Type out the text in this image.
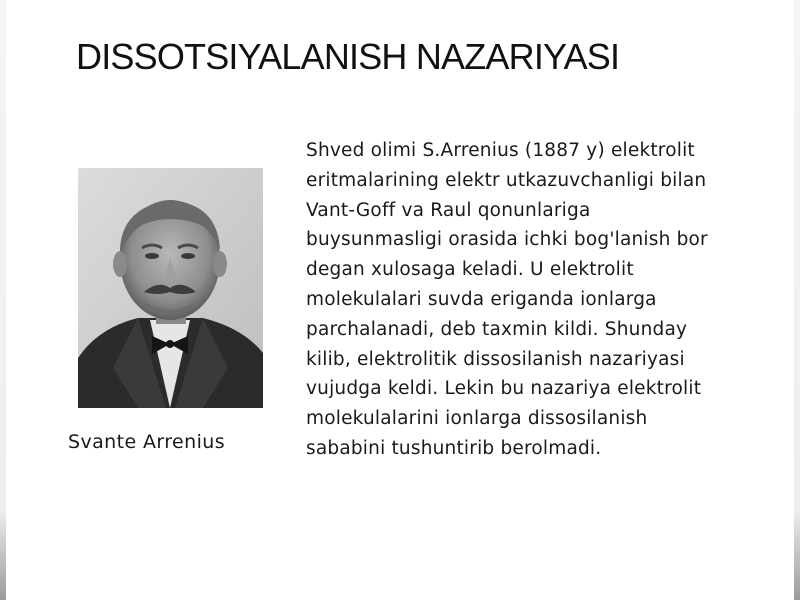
DISSOTSIYALANISH NAZARIYASI
Svante Arrenius
Shved olimi S.Arrenius (1887 y) elektrolit
eritmalarining elektr utkazuvchanligi bilan
Vant-Goff va Raul qonunlariga
buysunmasligi orasida ichki bog'lanish bor
degan xulosaga keladi. U elektrolit
molekulalari suvda eriganda ionlarga
parchalanadi, deb taxmin kildi. Shunday
kilib, elektrolitik dissosilanish nazariyasi
vujudga keldi. Lekin bu nazariya elektrolit
molekulalarini ionlarga dissosilanish
sababini tushuntirib berolmadi.
